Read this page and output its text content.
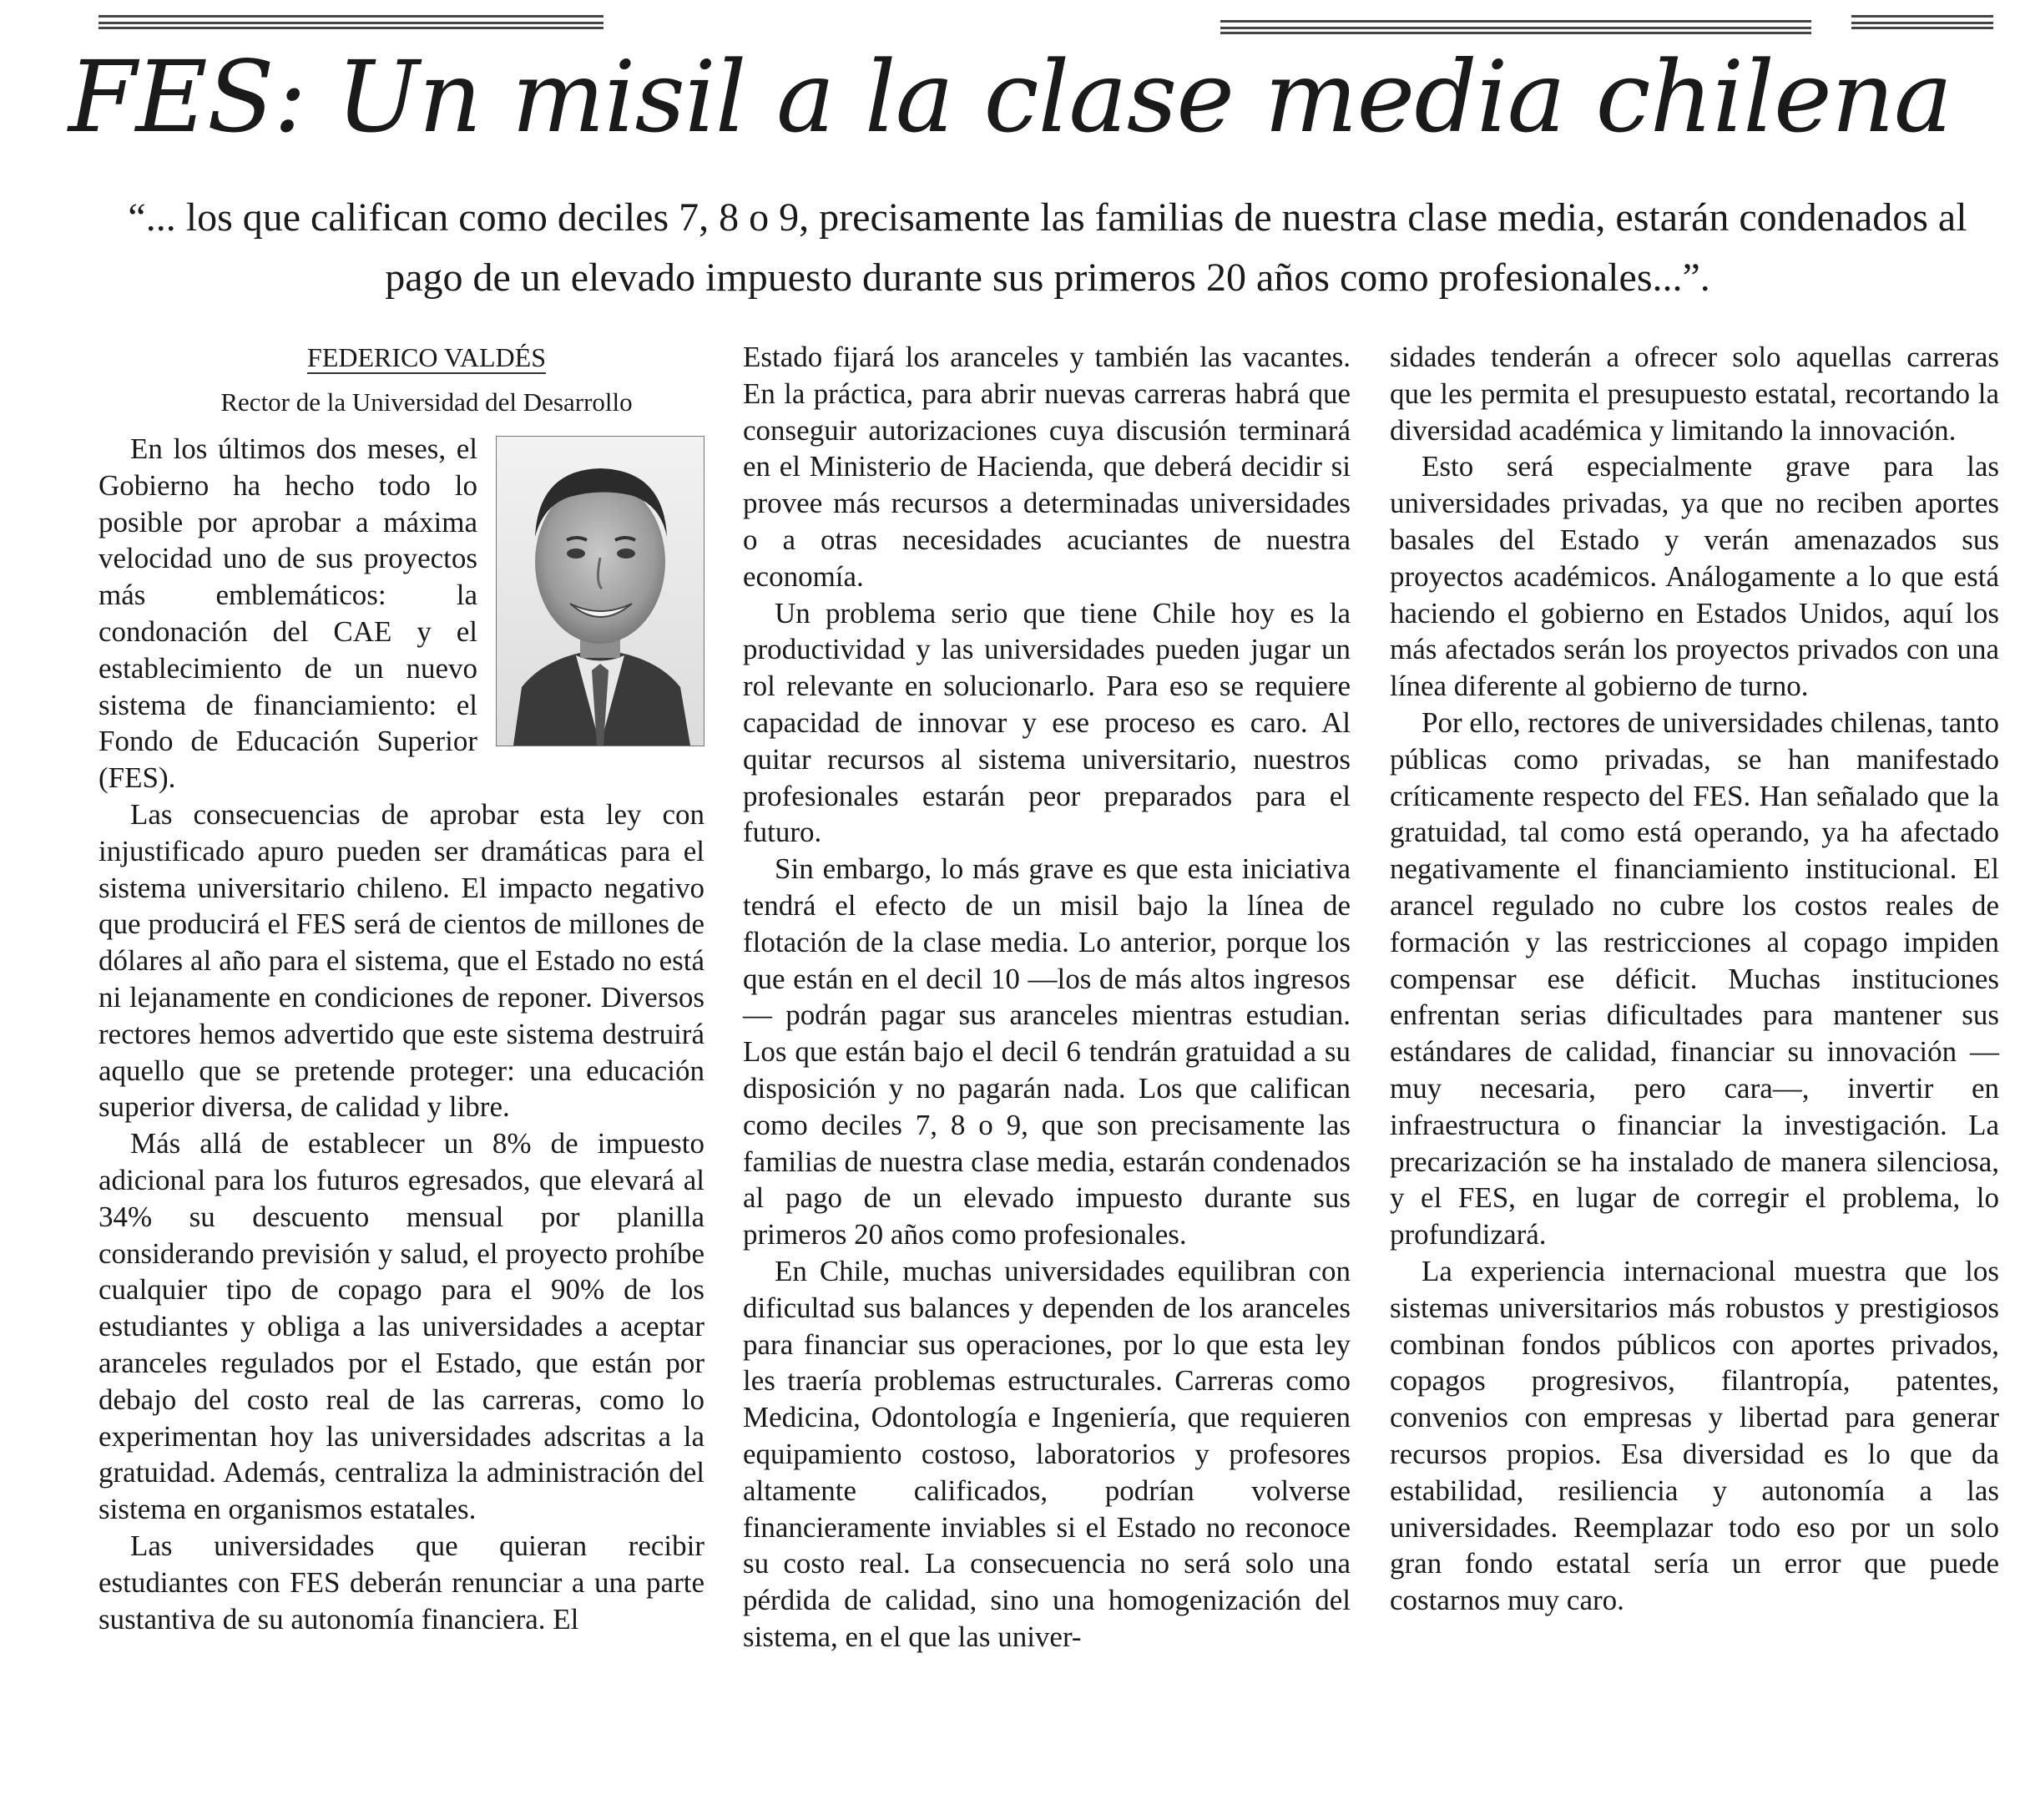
FES: Un misil a la clase media chilena

“... los que califican como deciles 7, 8 o 9, precisamente las familias de nuestra clase media, estarán condenados al pago de un elevado impuesto durante sus primeros 20 años como profesionales...”.

FEDERICO VALDÉS

Rector de la Universidad del Desarrollo

En los últimos dos meses, el Gobierno ha hecho todo lo posible por aprobar a máxima velocidad uno de sus proyectos más emblemáticos: la condonación del CAE y el establecimiento de un nuevo sistema de financiamiento: el Fondo de Educación Superior (FES).

Las consecuencias de aprobar esta ley con injustificado apuro pueden ser dramáticas para el sistema universitario chileno. El impacto negativo que producirá el FES será de cientos de millones de dólares al año para el sistema, que el Estado no está ni lejanamente en condiciones de reponer. Diversos rectores hemos advertido que este sistema destruirá aquello que se pretende proteger: una educación superior diversa, de calidad y libre.

Más allá de establecer un 8% de impuesto adicional para los futuros egresados, que elevará al 34% su descuento mensual por planilla considerando previsión y salud, el proyecto prohíbe cualquier tipo de copago para el 90% de los estudiantes y obliga a las universidades a aceptar aranceles regulados por el Estado, que están por debajo del costo real de las carreras, como lo experimentan hoy las universidades adscritas a la gratuidad. Además, centraliza la administración del sistema en organismos estatales.

Las universidades que quieran recibir estudiantes con FES deberán renunciar a una parte sustantiva de su autonomía financiera. El

Estado fijará los aranceles y también las vacantes. En la práctica, para abrir nuevas carreras habrá que conseguir autorizaciones cuya discusión terminará en el Ministerio de Hacienda, que deberá decidir si provee más recursos a determinadas universidades o a otras necesidades acuciantes de nuestra economía.

Un problema serio que tiene Chile hoy es la productividad y las universidades pueden jugar un rol relevante en solucionarlo. Para eso se requiere capacidad de innovar y ese proceso es caro. Al quitar recursos al sistema universitario, nuestros profesionales estarán peor preparados para el futuro.

Sin embargo, lo más grave es que esta iniciativa tendrá el efecto de un misil bajo la línea de flotación de la clase media. Lo anterior, porque los que están en el decil 10 —los de más altos ingresos— podrán pagar sus aranceles mientras estudian. Los que están bajo el decil 6 tendrán gratuidad a su disposición y no pagarán nada. Los que califican como deciles 7, 8 o 9, que son precisamente las familias de nuestra clase media, estarán condenados al pago de un elevado impuesto durante sus primeros 20 años como profesionales.

En Chile, muchas universidades equilibran con dificultad sus balances y dependen de los aranceles para financiar sus operaciones, por lo que esta ley les traería problemas estructurales. Carreras como Medicina, Odontología e Ingeniería, que requieren equipamiento costoso, laboratorios y profesores altamente calificados, podrían volverse financieramente inviables si el Estado no reconoce su costo real. La consecuencia no será solo una pérdida de calidad, sino una homogenización del sistema, en el que las univer-

sidades tenderán a ofrecer solo aquellas carreras que les permita el presupuesto estatal, recortando la diversidad académica y limitando la innovación.

Esto será especialmente grave para las universidades privadas, ya que no reciben aportes basales del Estado y verán amenazados sus proyectos académicos. Análogamente a lo que está haciendo el gobierno en Estados Unidos, aquí los más afectados serán los proyectos privados con una línea diferente al gobierno de turno.

Por ello, rectores de universidades chilenas, tanto públicas como privadas, se han manifestado críticamente respecto del FES. Han señalado que la gratuidad, tal como está operando, ya ha afectado negativamente el financiamiento institucional. El arancel regulado no cubre los costos reales de formación y las restricciones al copago impiden compensar ese déficit. Muchas instituciones enfrentan serias dificultades para mantener sus estándares de calidad, financiar su innovación —muy necesaria, pero cara—, invertir en infraestructura o financiar la investigación. La precarización se ha instalado de manera silenciosa, y el FES, en lugar de corregir el problema, lo profundizará.

La experiencia internacional muestra que los sistemas universitarios más robustos y prestigiosos combinan fondos públicos con aportes privados, copagos progresivos, filantropía, patentes, convenios con empresas y libertad para generar recursos propios. Esa diversidad es lo que da estabilidad, resiliencia y autonomía a las universidades. Reemplazar todo eso por un solo gran fondo estatal sería un error que puede costarnos muy caro.
